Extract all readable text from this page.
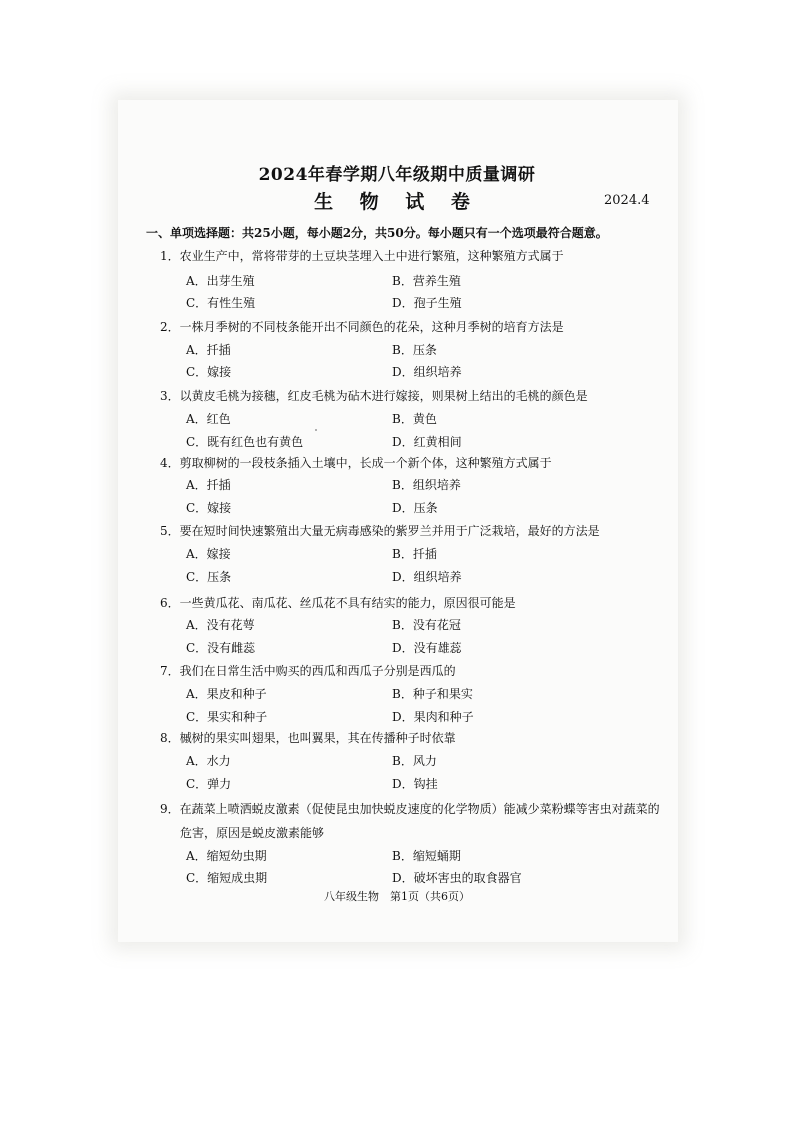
2024年春学期八年级期中质量调研
生 物 试 卷	2024.4
一、单项选择题：共25小题，每小题2分，共50分。每小题只有一个选项最符合题意。
1．农业生产中，常将带芽的土豆块茎埋入土中进行繁殖，这种繁殖方式属于
A．出芽生殖	B．营养生殖
C．有性生殖	D．孢子生殖
2．一株月季树的不同枝条能开出不同颜色的花朵，这种月季树的培育方法是
A．扦插	B．压条
C．嫁接	D．组织培养
3．以黄皮毛桃为接穗，红皮毛桃为砧木进行嫁接，则果树上结出的毛桃的颜色是
A．红色	B．黄色
C．既有红色也有黄色	D．红黄相间
4．剪取柳树的一段枝条插入土壤中，长成一个新个体，这种繁殖方式属于
A．扦插	B．组织培养
C．嫁接	D．压条
5．要在短时间快速繁殖出大量无病毒感染的紫罗兰并用于广泛栽培，最好的方法是
A．嫁接	B．扦插
C．压条	D．组织培养
6．一些黄瓜花、南瓜花、丝瓜花不具有结实的能力，原因很可能是
A．没有花萼	B．没有花冠
C．没有雌蕊	D．没有雄蕊
7．我们在日常生活中购买的西瓜和西瓜子分别是西瓜的
A．果皮和种子	B．种子和果实
C．果实和种子	D．果肉和种子
8．槭树的果实叫翅果，也叫翼果，其在传播种子时依靠
A．水力	B．风力
C．弹力	D．钩挂
9．在蔬菜上喷洒蜕皮激素（促使昆虫加快蜕皮速度的化学物质）能减少菜粉蝶等害虫对蔬菜的
危害，原因是蜕皮激素能够
A．缩短幼虫期	B．缩短蛹期
C．缩短成虫期	D．破坏害虫的取食器官
八年级生物　第1页（共6页）
